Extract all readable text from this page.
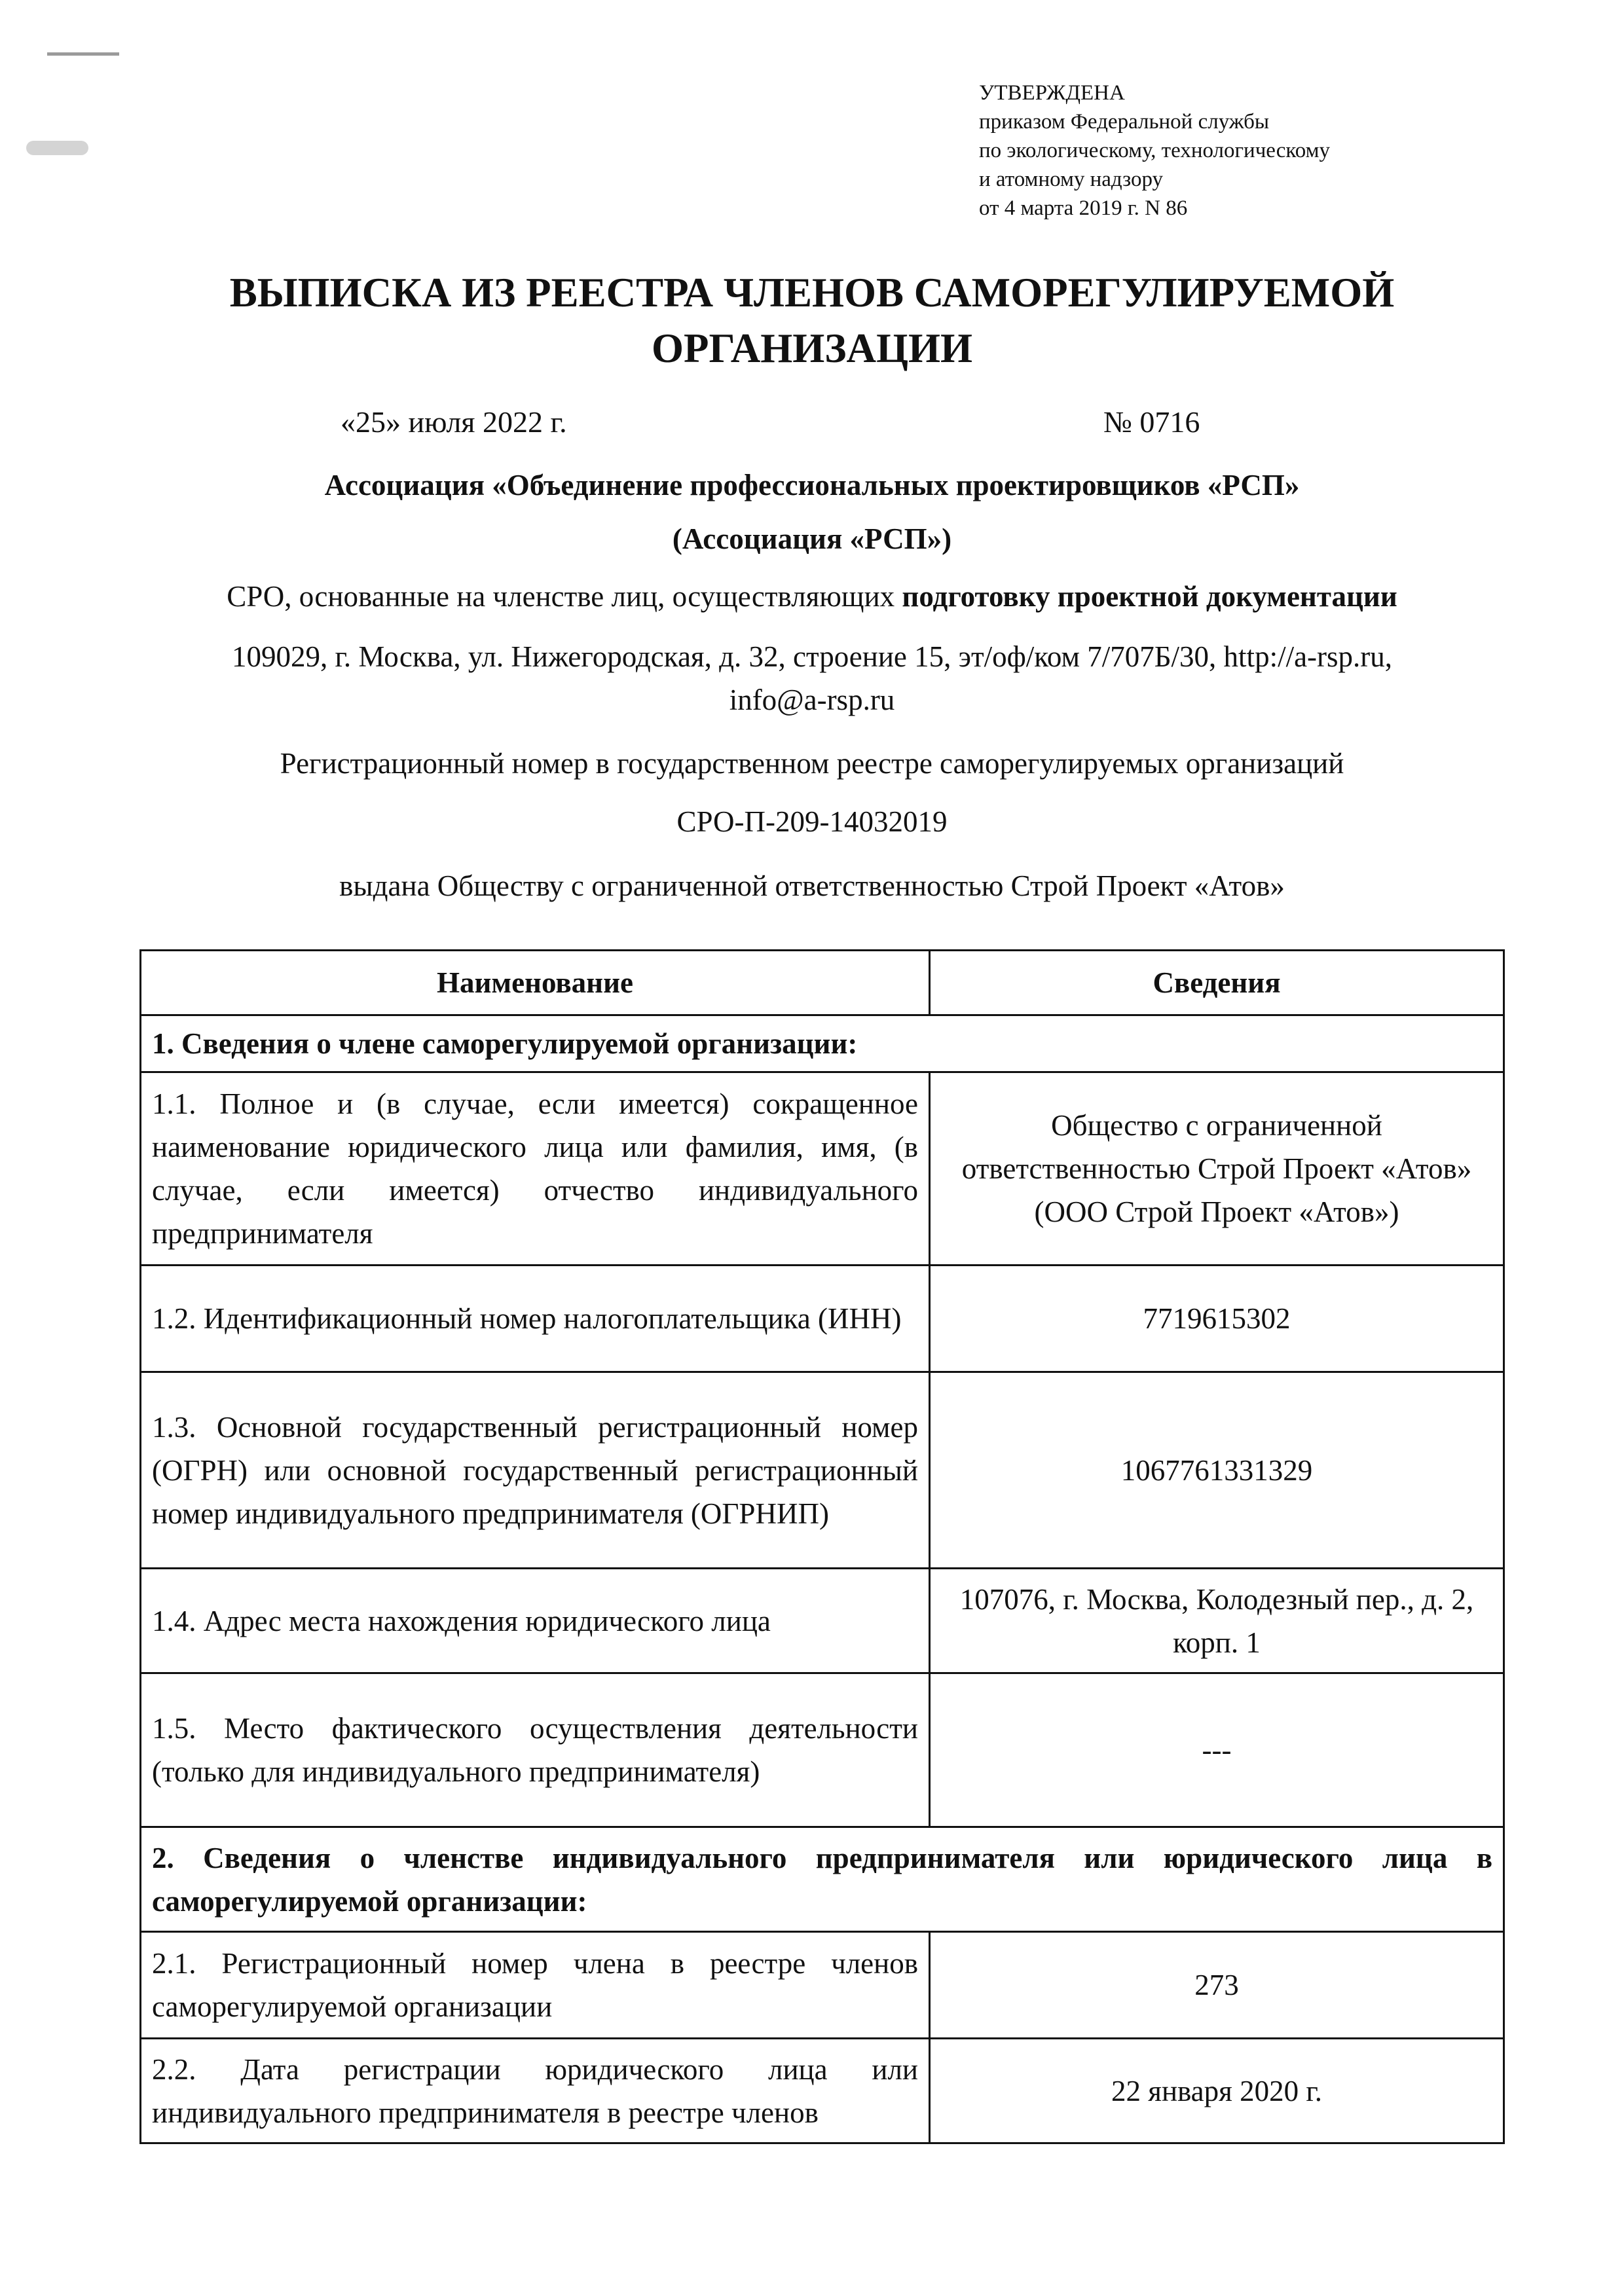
УТВЕРЖДЕНА
приказом Федеральной службы
по экологическому, технологическому
и атомному надзору
от 4 марта 2019 г. N 86
ВЫПИСКА ИЗ РЕЕСТРА ЧЛЕНОВ САМОРЕГУЛИРУЕМОЙ
ОРГАНИЗАЦИИ
«25» июля 2022 г.	№ 0716
Ассоциация «Объединение профессиональных проектировщиков «РСП»
(Ассоциация «РСП»)
СРО, основанные на членстве лиц, осуществляющих подготовку проектной документации
109029, г. Москва, ул. Нижегородская, д. 32, строение 15, эт/оф/ком 7/707Б/30, http://a-rsp.ru,
info@a-rsp.ru
Регистрационный номер в государственном реестре саморегулируемых организаций
СРО-П-209-14032019
выдана Обществу с ограниченной ответственностью Строй Проект «Атов»
Наименование	Сведения
1. Сведения о члене саморегулируемой организации:	
1.1. Полное и (в случае, если имеется) сокращенное наименование юридического лица или фамилия, имя, (в случае, если имеется) отчество индивидуального предпринимателя	Общество с ограниченной
ответственностью Строй Проект «Атов»
(ООО Строй Проект «Атов»)

1.2. Идентификационный номер налогоплательщика (ИНН)	7719615302
1.3. Основной государственный регистрационный номер (ОГРН) или основной государственный регистрационный номер индивидуального предпринимателя (ОГРНИП)	1067761331329
1.4. Адрес места нахождения юридического лица	107076, г. Москва, Колодезный пер., д. 2,
корп. 1

1.5. Место фактического осуществления деятельности (только для индивидуального предпринимателя)	---
2. Сведения о членстве индивидуального предпринимателя или юридического лица в саморегулируемой организации:	
2.1. Регистрационный номер члена в реестре членов саморегулируемой организации	273
2.2. Дата регистрации юридического лица или индивидуального предпринимателя в реестре членов	22 января 2020 г.
